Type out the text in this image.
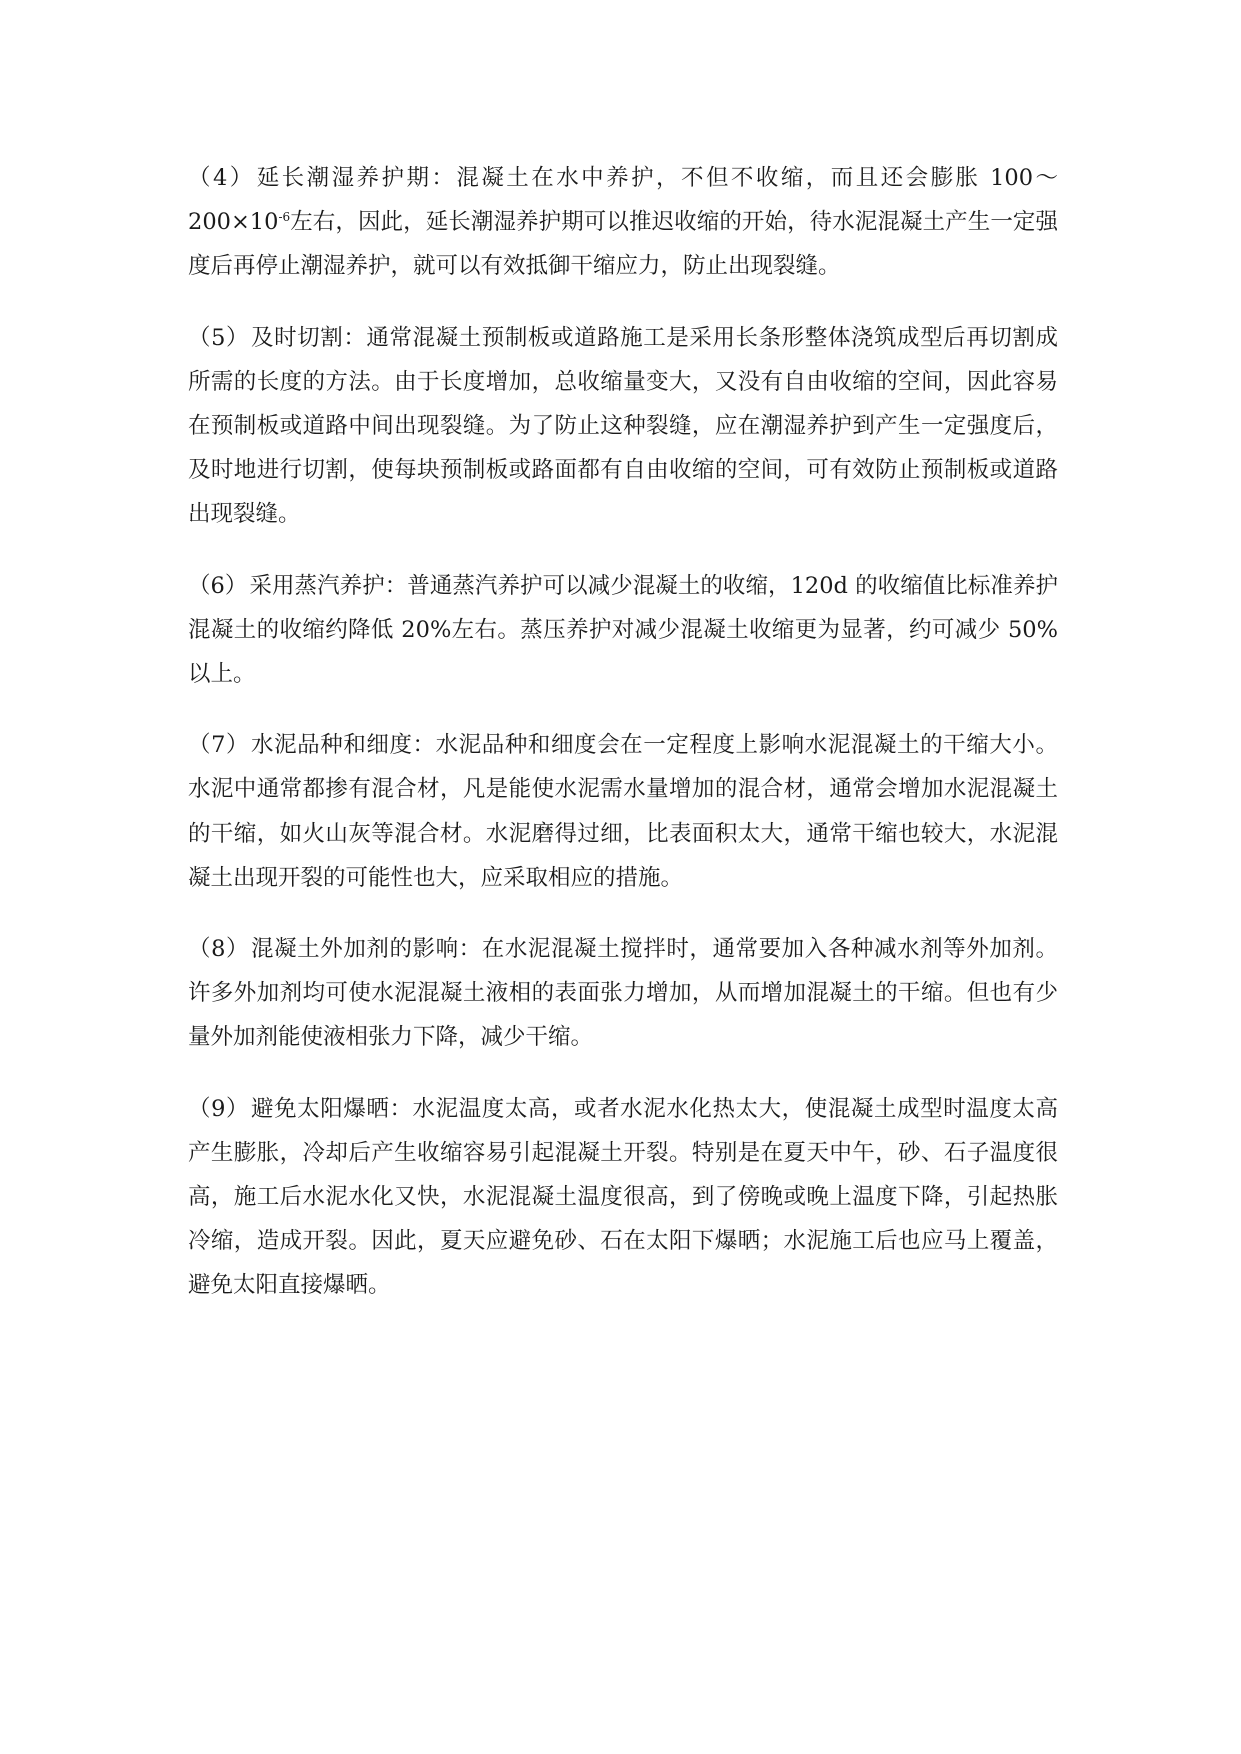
（4）延长潮湿养护期：混凝土在水中养护，不但不收缩，而且还会膨胀 $100\sim 200\times 10^{-6}$左右，因此，延长潮湿养护期可以推迟收缩的开始，待水泥混凝土产生一定强度后再停止潮湿养护，就可以有效抵御干缩应力，防止出现裂缝。

（5）及时切割：通常混凝土预制板或道路施工是采用长条形整体浇筑成型后再切割成所需的长度的方法。由于长度增加，总收缩量变大，又没有自由收缩的空间，因此容易在预制板或道路中间出现裂缝。为了防止这种裂缝，应在潮湿养护到产生一定强度后，及时地进行切割，使每块预制板或路面都有自由收缩的空间，可有效防止预制板或道路出现裂缝。

（6）采用蒸汽养护：普通蒸汽养护可以减少混凝土的收缩，120d 的收缩值比标准养护混凝土的收缩约降低 20%左右。蒸压养护对减少混凝土收缩更为显著，约可减少 50%以上。

（7）水泥品种和细度：水泥品种和细度会在一定程度上影响水泥混凝土的干缩大小。水泥中通常都掺有混合材，凡是能使水泥需水量增加的混合材，通常会增加水泥混凝土的干缩，如火山灰等混合材。水泥磨得过细，比表面积太大，通常干缩也较大，水泥混凝土出现开裂的可能性也大，应采取相应的措施。

（8）混凝土外加剂的影响：在水泥混凝土搅拌时，通常要加入各种减水剂等外加剂。许多外加剂均可使水泥混凝土液相的表面张力增加，从而增加混凝土的干缩。但也有少量外加剂能使液相张力下降，减少干缩。

（9）避免太阳爆晒：水泥温度太高，或者水泥水化热太大，使混凝土成型时温度太高产生膨胀，冷却后产生收缩容易引起混凝土开裂。特别是在夏天中午，砂、石子温度很高，施工后水泥水化又快，水泥混凝土温度很高，到了傍晚或晚上温度下降，引起热胀冷缩，造成开裂。因此，夏天应避免砂、石在太阳下爆晒；水泥施工后也应马上覆盖，避免太阳直接爆晒。
